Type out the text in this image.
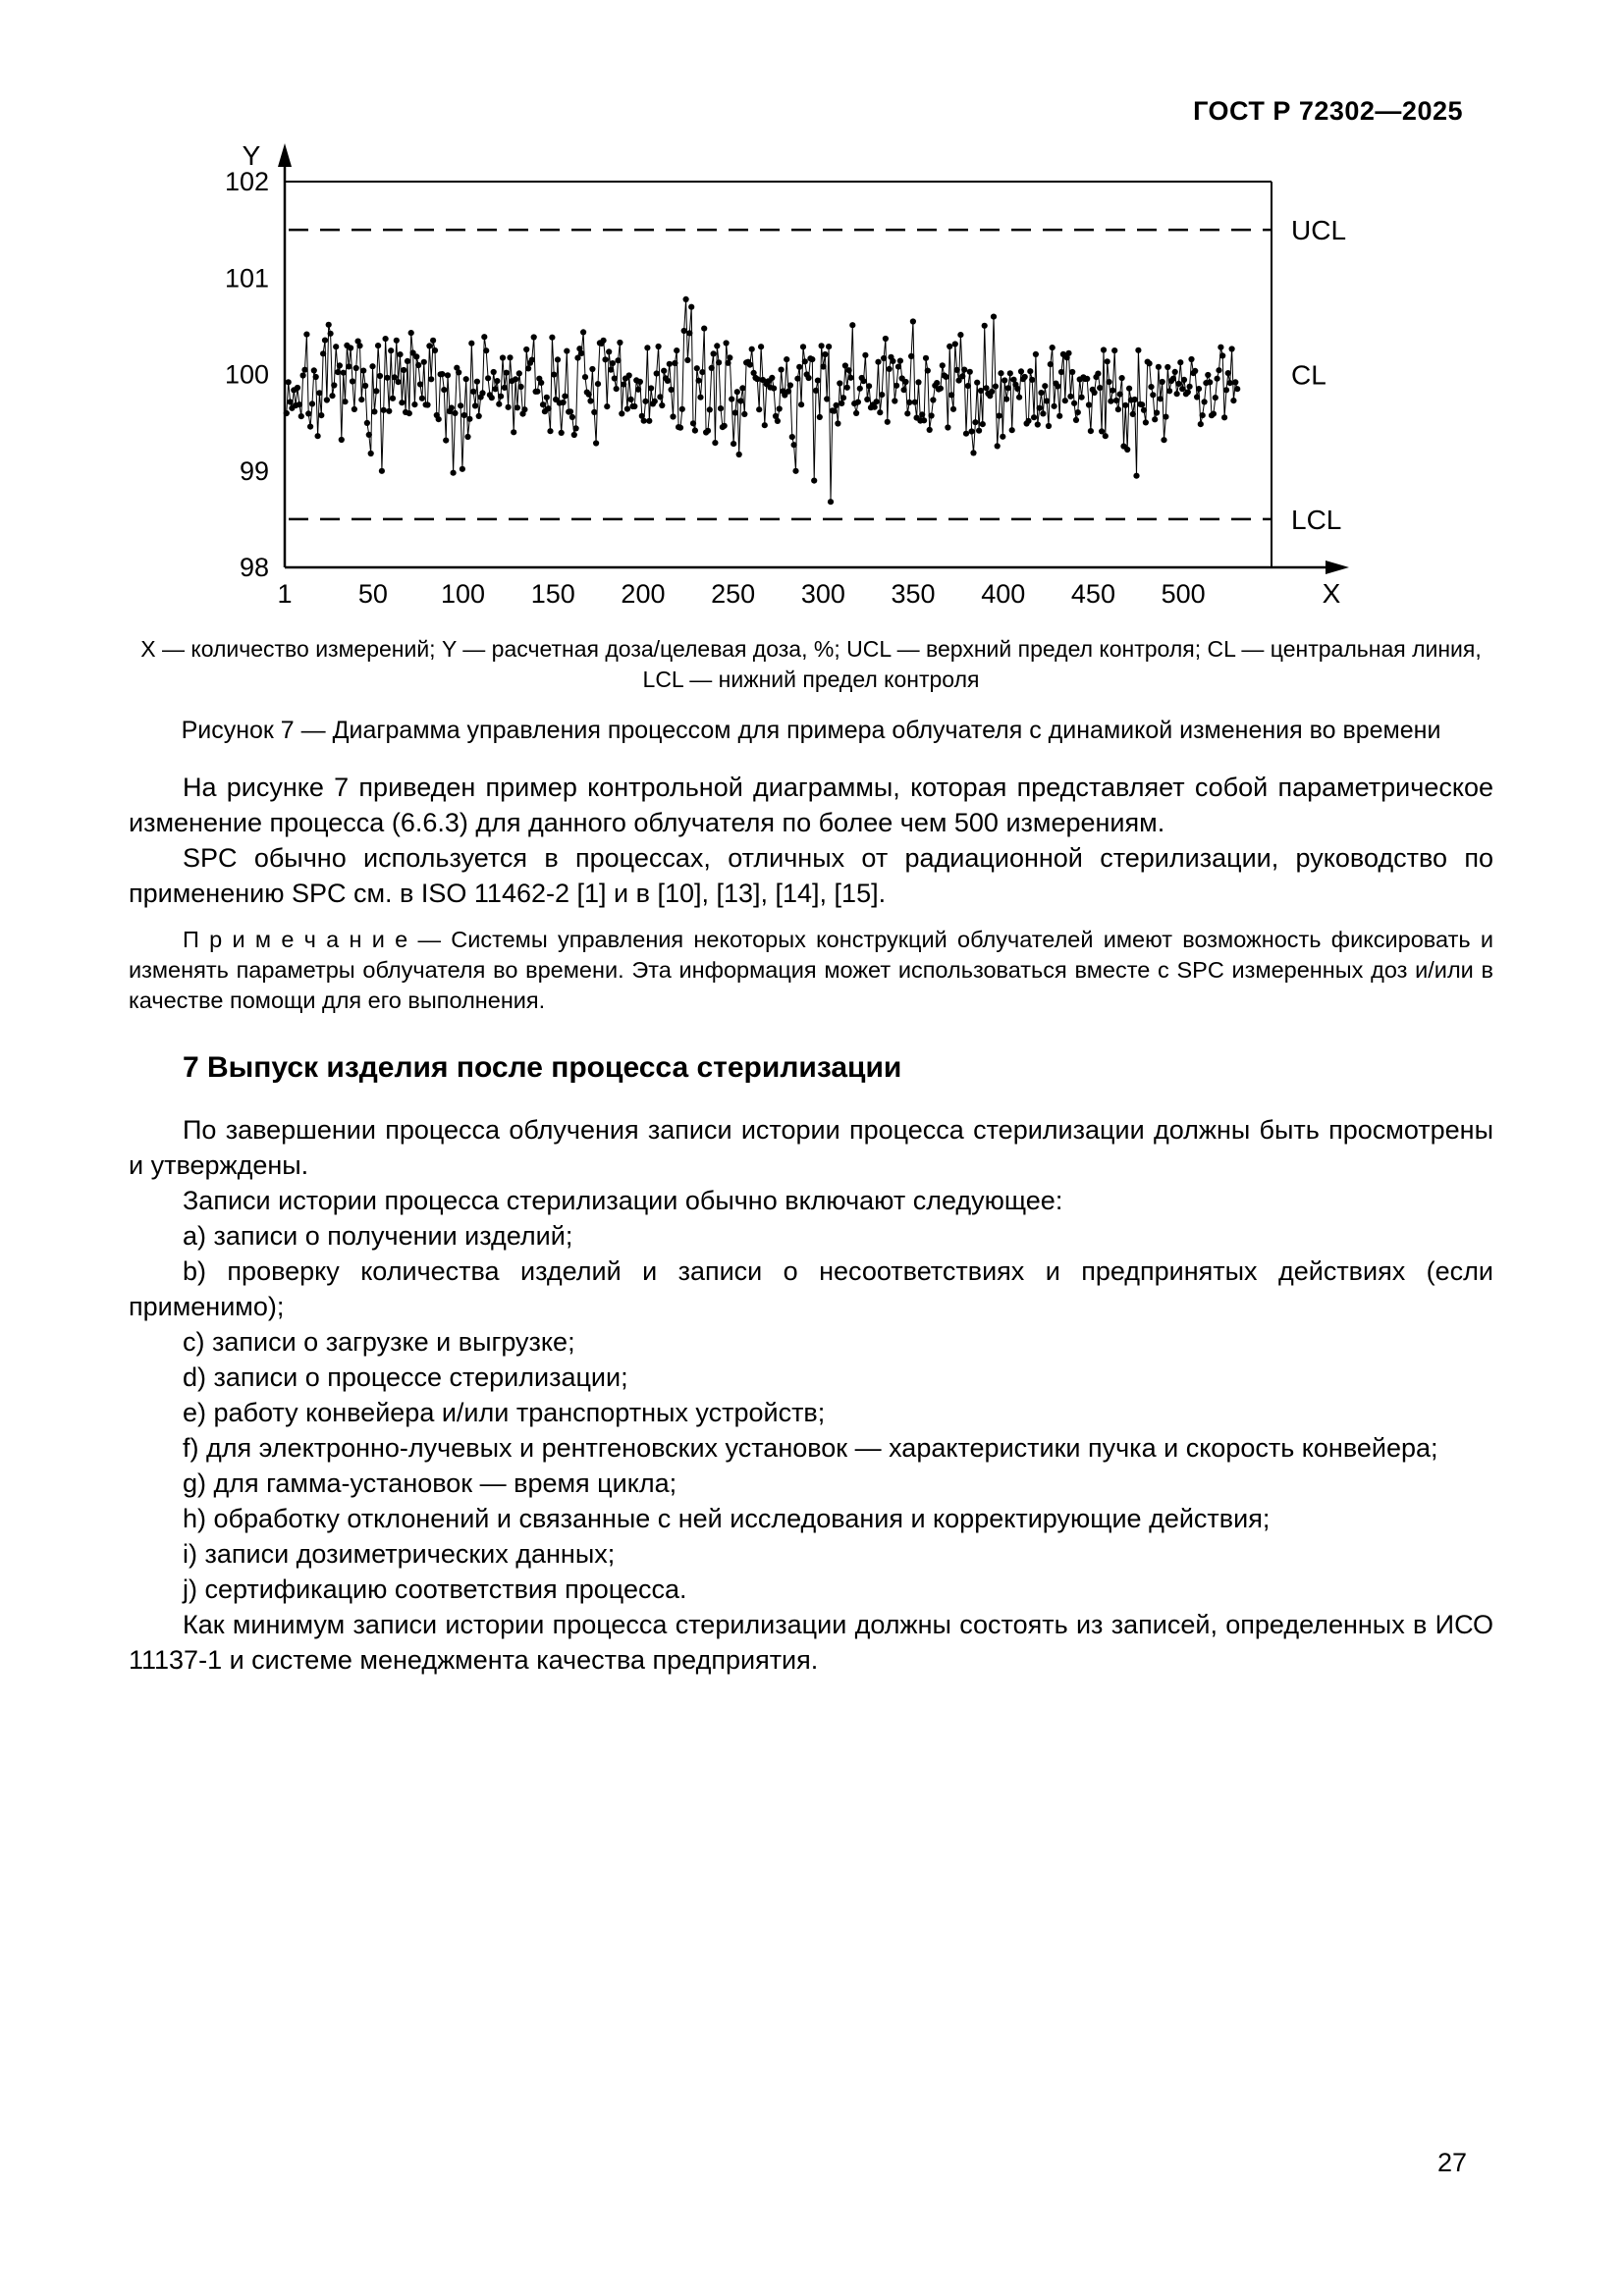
ГОСТ Р 72302—2025
UCL
CL
LCL
98
99
100
101
102
1 50 100 150 200 250 300 350 400 450 500
Y
X
X — количество измерений; Y — расчетная доза/целевая доза, %; UCL — верхний предел контроля; CL — центральная линия,
LCL — нижний предел контроля
Рисунок 7 — Диаграмма управления процессом для примера облучателя с динамикой изменения во времени

На рисунке 7 приведен пример контрольной диаграммы, которая представляет собой параметрическое изменение процесса (6.6.3) для данного облучателя по более чем 500 измерениям.

SPC обычно используется в процессах, отличных от радиационной стерилизации, руководство по применению SPC см. в ISO 11462-2 [1] и в [10], [13], [14], [15].

П р и м е ч а н и е — Системы управления некоторых конструкций облучателей имеют возможность фиксировать и изменять параметры облучателя во времени. Эта информация может использоваться вместе с SPC измеренных доз и/или в качестве помощи для его выполнения.

7 Выпуск изделия после процесса стерилизации

По завершении процесса облучения записи истории процесса стерилизации должны быть просмотрены и утверждены.

Записи истории процесса стерилизации обычно включают следующее:

a) записи о получении изделий;

b) проверку количества изделий и записи о несоответствиях и предпринятых действиях (если применимо);

c) записи о загрузке и выгрузке;

d) записи о процессе стерилизации;

e) работу конвейера и/или транспортных устройств;

f) для электронно-лучевых и рентгеновских установок — характеристики пучка и скорость конвейера;

g) для гамма-установок — время цикла;

h) обработку отклонений и связанные с ней исследования и корректирующие действия;

i) записи дозиметрических данных;

j) сертификацию соответствия процесса.

Как минимум записи истории процесса стерилизации должны состоять из записей, определенных в ИСО 11137-1 и системе менеджмента качества предприятия.

27
